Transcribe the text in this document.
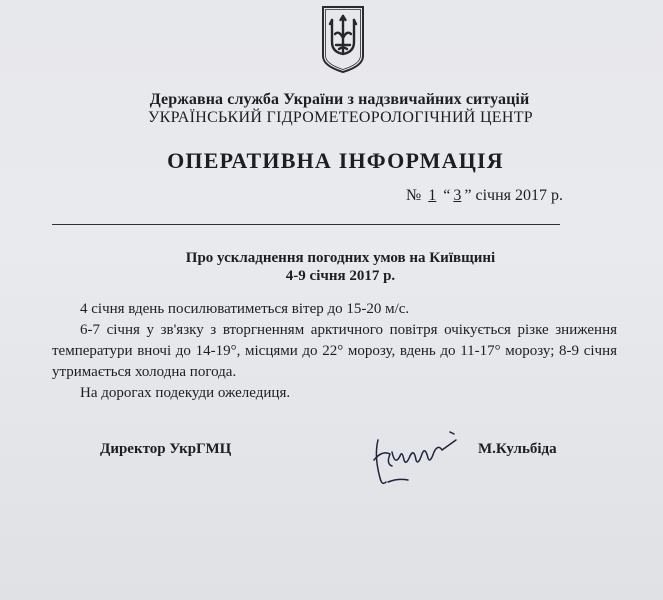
Державна служба України з надзвичайних ситуацій
УКРАЇНСЬКИЙ ГІДРОМЕТЕОРОЛОГІЧНИЙ ЦЕНТР
ОПЕРАТИВНА ІНФОРМАЦІЯ
№ 1 “ 3 ” січня 2017 р.
Про ускладнення погодних умов на Київщині
4-9 січня 2017 р.

4 січня вдень посилюватиметься вітер до 15-20 м/с.

6-7 січня у зв'язку з вторгненням арктичного повітря очікується різке зниження температури вночі до 14-19°, місцями до 22° морозу, вдень до 11-17° морозу; 8-9 січня утримається холодна погода.

На дорогах подекуди ожеледиця.

Директор УкрГМЦ	М.Кульбіда
